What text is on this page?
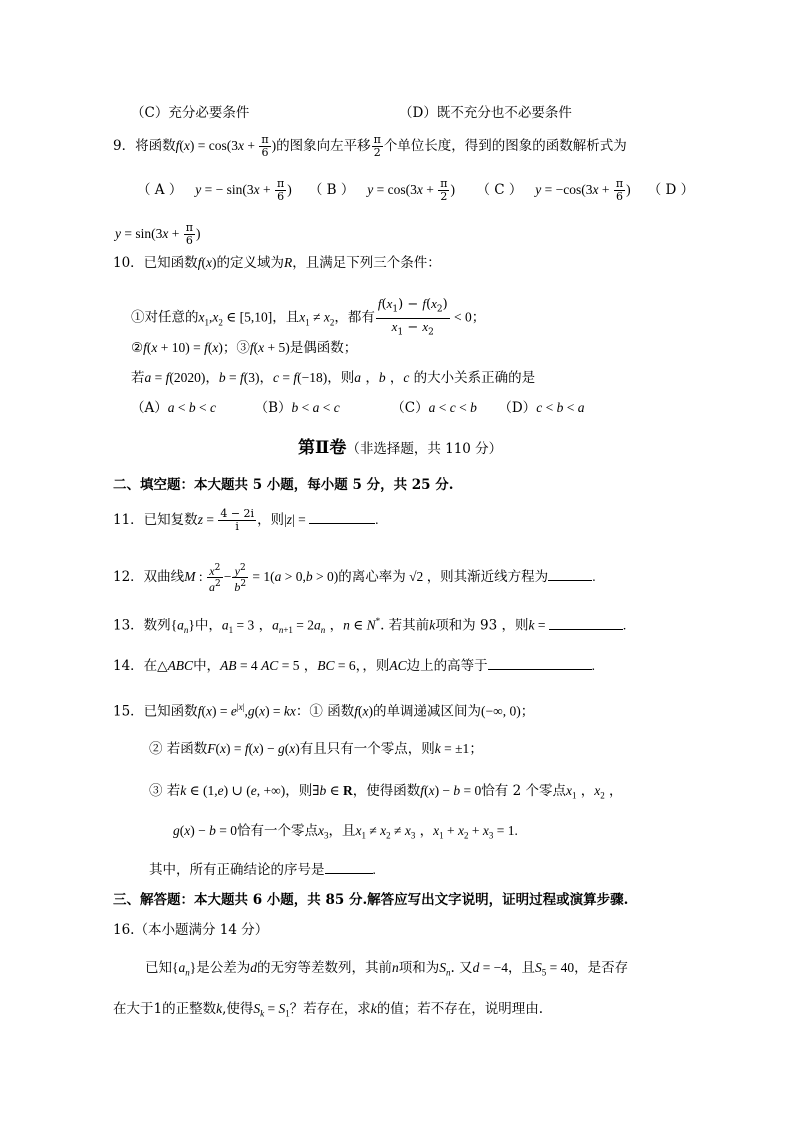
（C）充分必要条件	（D）既不充分也不必要条件
9．将函数$f(x) = \cos(3x + \frac{\pi}{6}$ )的图象向左平移 $\frac{\pi}{2}$ 个单位长度，得到的图象的函数解析式为
（ A ） y = − $\sin(3x + \frac{\pi}{6}$ ) （ B ） $y = \cos(3x + \frac{\pi}{2}$ ) （ C ） $y = -\cos(3x + \frac{\pi}{6}$ ) （ D ）
$y = \sin(3x + \frac{\pi}{6}$ )
10．已知函数f(x)的定义域为R，且满足下列三个条件：
①对任意的$x_1,x_2$ ∈ [5,10]，且$x_1 \ne x_2$，都有 $\frac{f(x_1) - f(x_2)}{x_1 - x_2} < 0$；
②f(x + 10) = f(x)；③f(x + 5)是偶函数；
若a = f(2020)，b = f(3)，c = f(−18)，则a ，b ，c 的大小关系正确的是
（A）a < b < c	（B）b < a < c	（C）a < c < b （D）c < b < a
第Ⅱ卷（非选择题，共 110 分）
二、填空题：本大题共 5 小题，每小题 5 分，共 25 分.
11．已知复数$z = \frac{4 - 2i}{i}$ ，则|z| =	.
12．双曲线M : $\frac{x^2}{a^2} - \frac{y^2}{b^2} = 1(a > 0,b > 0)$的离心率为 √2 ，则其渐近线方程为	.
13．数列$\{a_n\}$中，$a_1 = 3$ ，$a_{n+1} = 2a_n$ ，n ∈ N*. 若其前k项和为 93 ，则k =	.
14．在△ABC中，AB = 4 AC = 5 ，BC = 6，，则AC边上的高等于	.
15．已知函数$f(x) = e^{|x|},g(x)$ = kx：① 函数f(x)的单调递减区间为(−∞, 0)；
② 若函数F(x) = f(x) − g(x)有且只有一个零点，则k = ±1；
③ 若k ∈ (1,e) ∪ (e, +∞)，则∃b ∈ R，使得函数f(x) − b = 0恰有 2 个零点$x_1$ ，$x_2$ ，
g(x) − b = 0恰有一个零点$x_3$，且$x_1 \ne x_2 \ne x_3$ ，$x_1 + x_2 + x_3 = 1$.
其中，所有正确结论的序号是	.
三、解答题：本大题共 6 小题，共 85 分.解答应写出文字说明，证明过程或演算步骤.
16.（本小题满分 14 分）
已知$\{a_n\}$是公差为d的无穷等差数列，其前n项和为$S_n$. 又d = −4，且$S_5 = 40$，是否存
在大于1的正整数k,使得$S_k = S_1$？若存在，求k的值；若不存在，说明理由.
